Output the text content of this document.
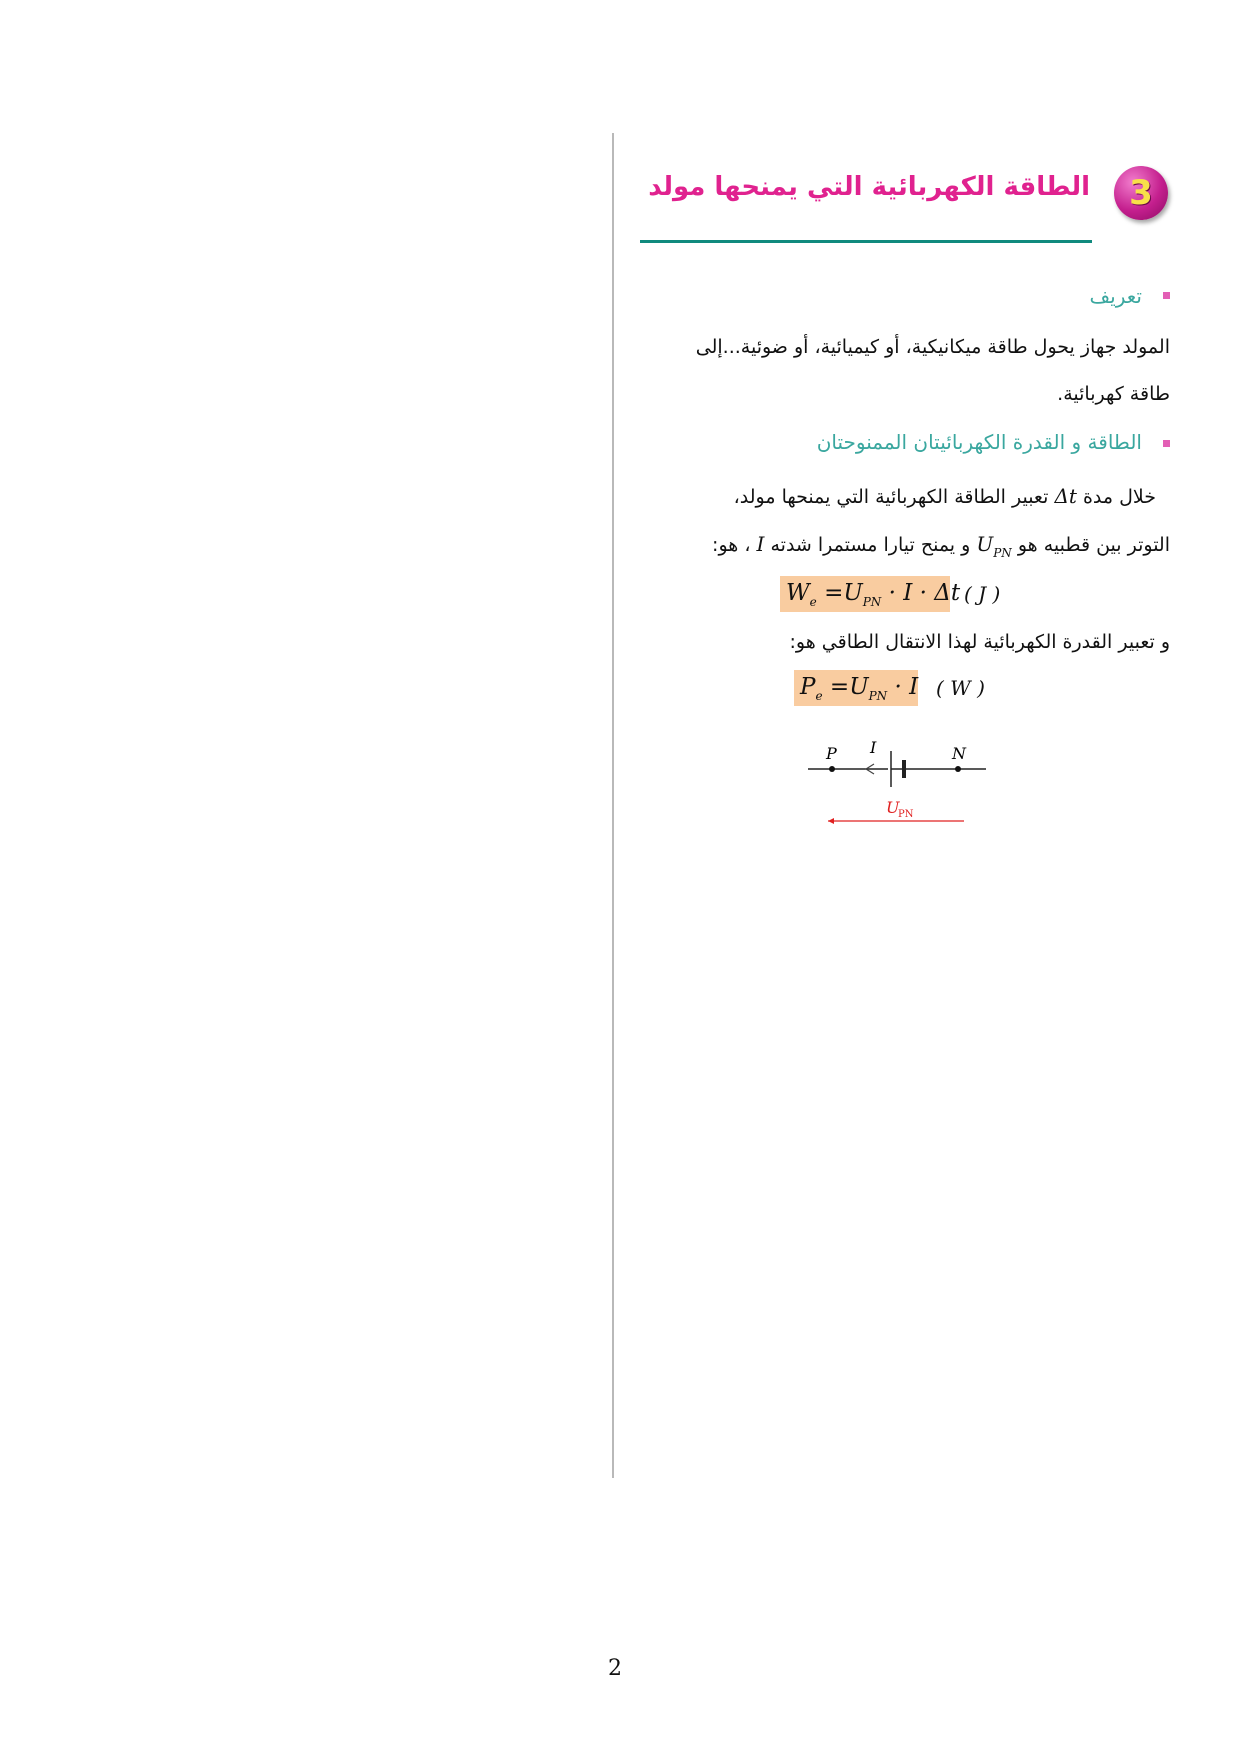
3
الطاقة الكهربائية التي يمنحها مولد
تعريف
المولد جهاز يحول طاقة ميكانيكية، أو كيميائية، أو ضوئية...إلى
طاقة كهربائية.
الطاقة و القدرة الكهربائيتان الممنوحتان
خلال مدة Δt تعبير الطاقة الكهربائية التي يمنحها مولد،
التوتر بين قطبيه هو $U_{PN}$ و يمنح تيارا مستمرا شدته I ، هو:
$W_e =U_{PN} \cdot I \cdot \Delta t$ ( J )
و تعبير القدرة الكهربائية لهذا الانتقال الطاقي هو:
$P_e =U_{PN} \cdot I$ ( W )
P I	N
U
PN
2
